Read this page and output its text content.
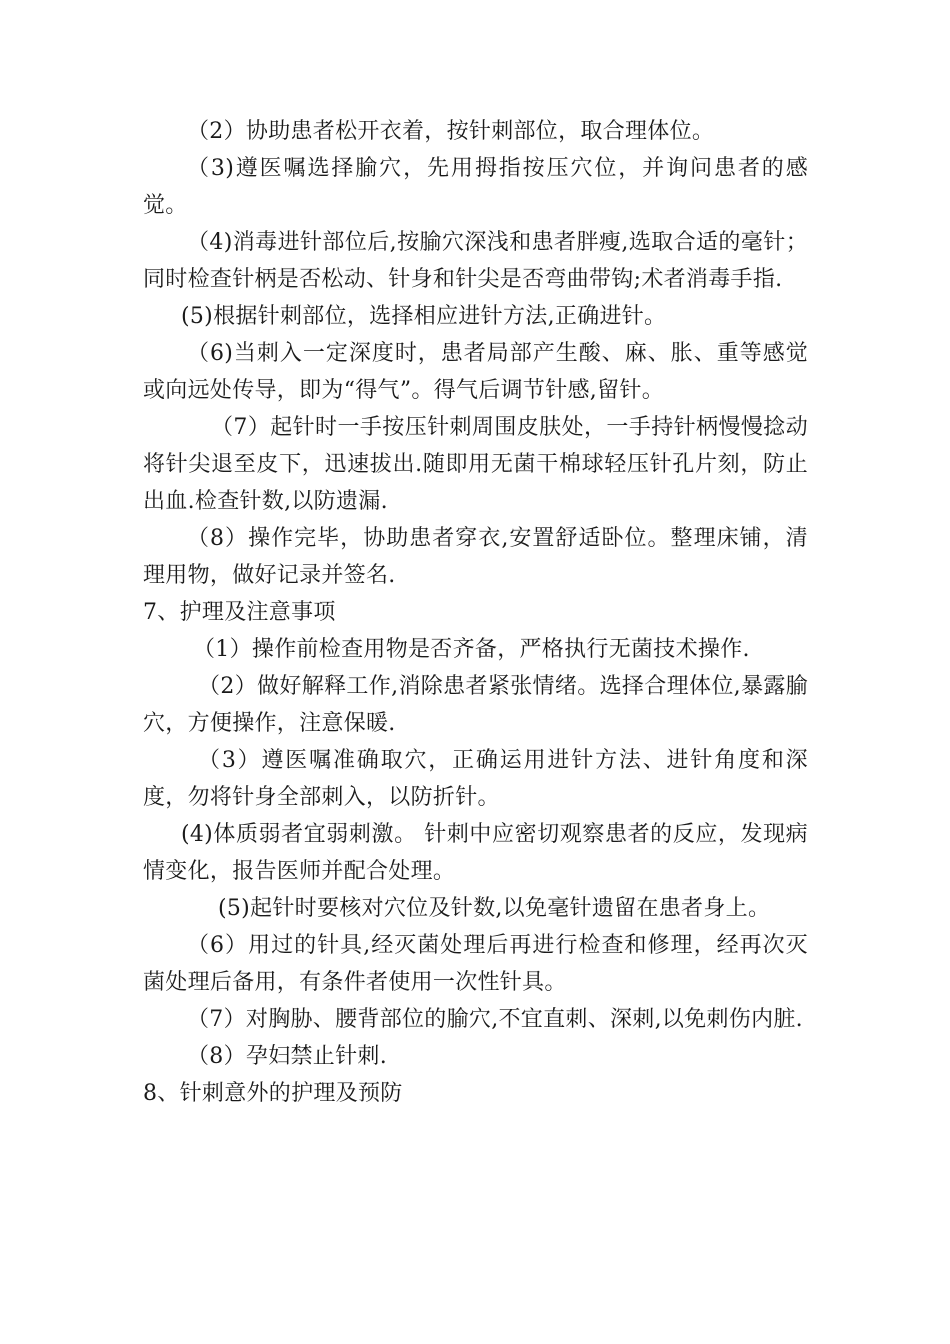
（2）协助患者松开衣着，按针刺部位，取合理体位。

（3)遵医嘱选择腧穴，先用拇指按压穴位，并询问患者的感觉。

（4)消毒进针部位后,按腧穴深浅和患者胖瘦,选取合适的毫针；同时检查针柄是否松动、针身和针尖是否弯曲带钩;术者消毒手指.

(5)根据针刺部位，选择相应进针方法,正确进针。

（6)当刺入一定深度时，患者局部产生酸、麻、胀、重等感觉或向远处传导，即为“得气”。得气后调节针感,留针。

（7）起针时一手按压针刺周围皮肤处，一手持针柄慢慢捻动将针尖退至皮下，迅速拔出.随即用无菌干棉球轻压针孔片刻，防止出血.检查针数,以防遗漏.

（8）操作完毕，协助患者穿衣,安置舒适卧位。整理床铺，清理用物，做好记录并签名.

7、护理及注意事项

（1）操作前检查用物是否齐备，严格执行无菌技术操作.

（2）做好解释工作,消除患者紧张情绪。选择合理体位,暴露腧穴，方便操作，注意保暖.

（3）遵医嘱准确取穴，正确运用进针方法、进针角度和深度，勿将针身全部刺入，以防折针。

(4)体质弱者宜弱刺激。 针刺中应密切观察患者的反应，发现病情变化，报告医师并配合处理。

(5)起针时要核对穴位及针数,以免毫针遗留在患者身上。

（6）用过的针具,经灭菌处理后再进行检查和修理，经再次灭菌处理后备用，有条件者使用一次性针具。

（7）对胸胁、腰背部位的腧穴,不宜直刺、深刺,以免刺伤内脏.

（8）孕妇禁止针刺.

8、针刺意外的护理及预防
